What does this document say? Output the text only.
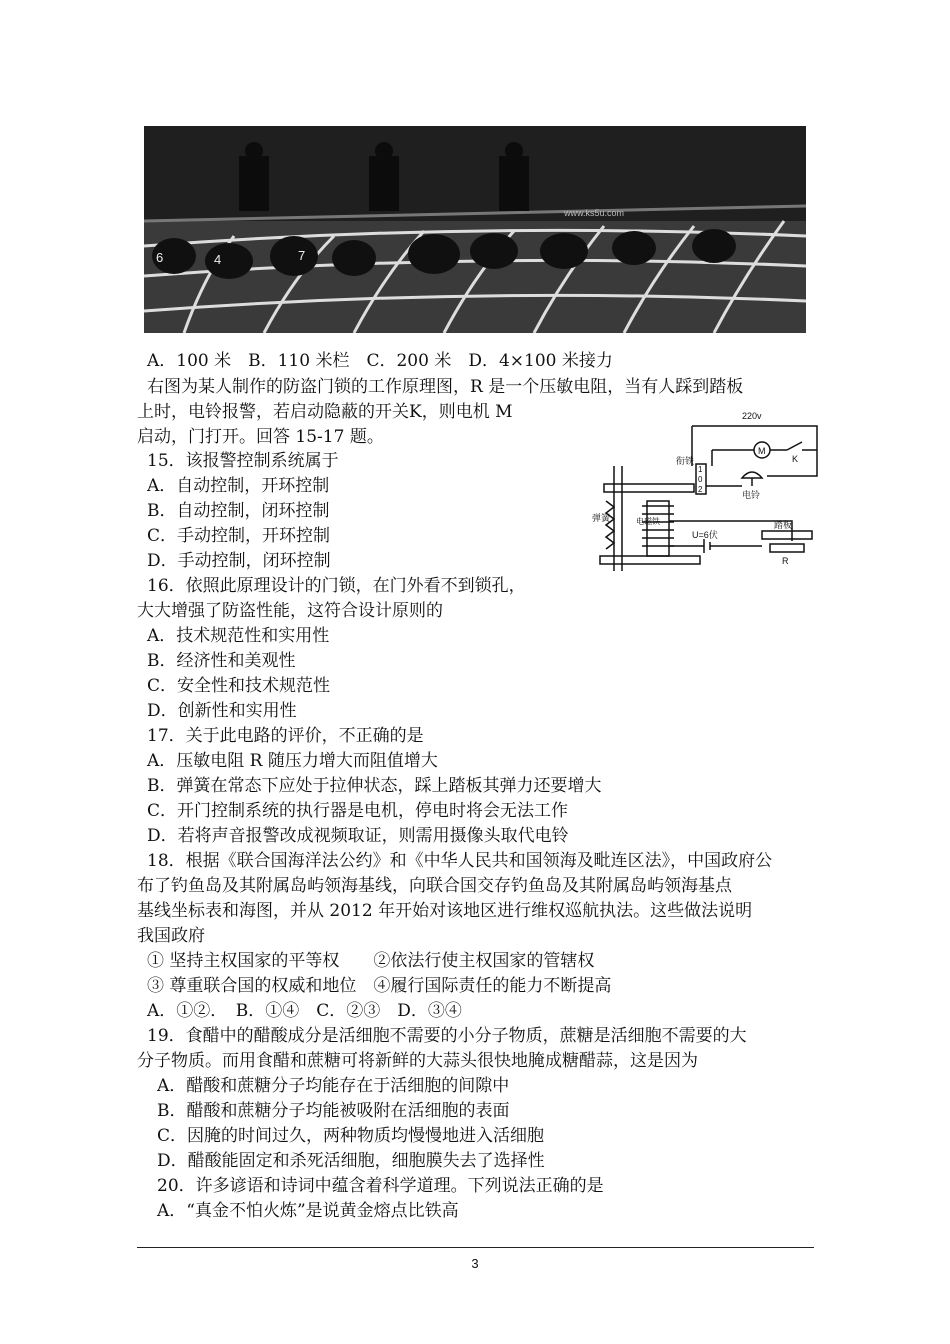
6	4	7
www.ks5u.com
A．100 米　B．110 米栏　C．200 米　D．4×100 米接力
右图为某人制作的防盗门锁的工作原理图，R 是一个压敏电阻，当有人踩到踏板
上时，电铃报警，若启动隐蔽的开关K，则电机 M
启动，门打开。回答 15-17 题。
220v
M
K
衔铁
1
0
2
电铃
弹簧	电磁铁
U=6伏
踏板
R
15．该报警控制系统属于
A．自动控制，开环控制
B．自动控制，闭环控制
C．手动控制，开环控制
D．手动控制，闭环控制
16．依照此原理设计的门锁，在门外看不到锁孔，
大大增强了防盗性能，这符合设计原则的
A．技术规范性和实用性
B．经济性和美观性
C．安全性和技术规范性
D．创新性和实用性
17．关于此电路的评价，不正确的是
A．压敏电阻 R 随压力增大而阻值增大
B．弹簧在常态下应处于拉伸状态，踩上踏板其弹力还要增大
C．开门控制系统的执行器是电机，停电时将会无法工作
D．若将声音报警改成视频取证，则需用摄像头取代电铃
18．根据《联合国海洋法公约》和《中华人民共和国领海及毗连区法》，中国政府公
布了钓鱼岛及其附属岛屿领海基线，向联合国交存钓鱼岛及其附属岛屿领海基点
基线坐标表和海图，并从 2012 年开始对该地区进行维权巡航执法。这些做法说明
我国政府
① 坚持主权国家的平等权　　②依法行使主权国家的管辖权
③ 尊重联合国的权威和地位　④履行国际责任的能力不断提高
A．①②．　B．①④　C．②③　D．③④
19．食醋中的醋酸成分是活细胞不需要的小分子物质，蔗糖是活细胞不需要的大
分子物质。而用食醋和蔗糖可将新鲜的大蒜头很快地腌成糖醋蒜，这是因为
A．醋酸和蔗糖分子均能存在于活细胞的间隙中
B．醋酸和蔗糖分子均能被吸附在活细胞的表面
C．因腌的时间过久，两种物质均慢慢地进入活细胞
D．醋酸能固定和杀死活细胞，细胞膜失去了选择性
20．许多谚语和诗词中蕴含着科学道理。下列说法正确的是
A．“真金不怕火炼”是说黄金熔点比铁高
3
